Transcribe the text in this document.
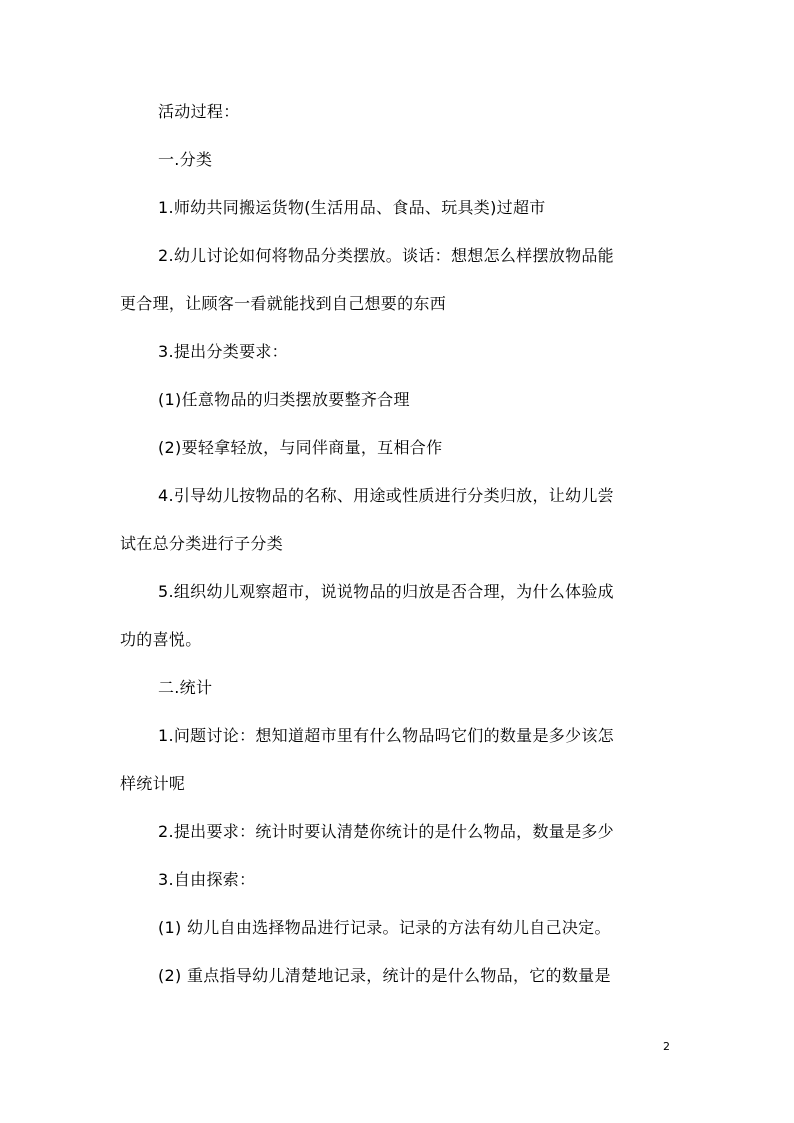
活动过程：
一.分类
1.师幼共同搬运货物(生活用品、食品、玩具类)过超市
2.幼儿讨论如何将物品分类摆放。谈话：想想怎么样摆放物品能
更合理，让顾客一看就能找到自己想要的东西
3.提出分类要求：
(1)任意物品的归类摆放要整齐合理
(2)要轻拿轻放，与同伴商量，互相合作
4.引导幼儿按物品的名称、用途或性质进行分类归放，让幼儿尝
试在总分类进行子分类
5.组织幼儿观察超市，说说物品的归放是否合理，为什么体验成
功的喜悦。
二.统计
1.问题讨论：想知道超市里有什么物品吗它们的数量是多少该怎
样统计呢
2.提出要求：统计时要认清楚你统计的是什么物品，数量是多少
3.自由探索：
(1) 幼儿自由选择物品进行记录。记录的方法有幼儿自己决定。
(2) 重点指导幼儿清楚地记录，统计的是什么物品，它的数量是
2
